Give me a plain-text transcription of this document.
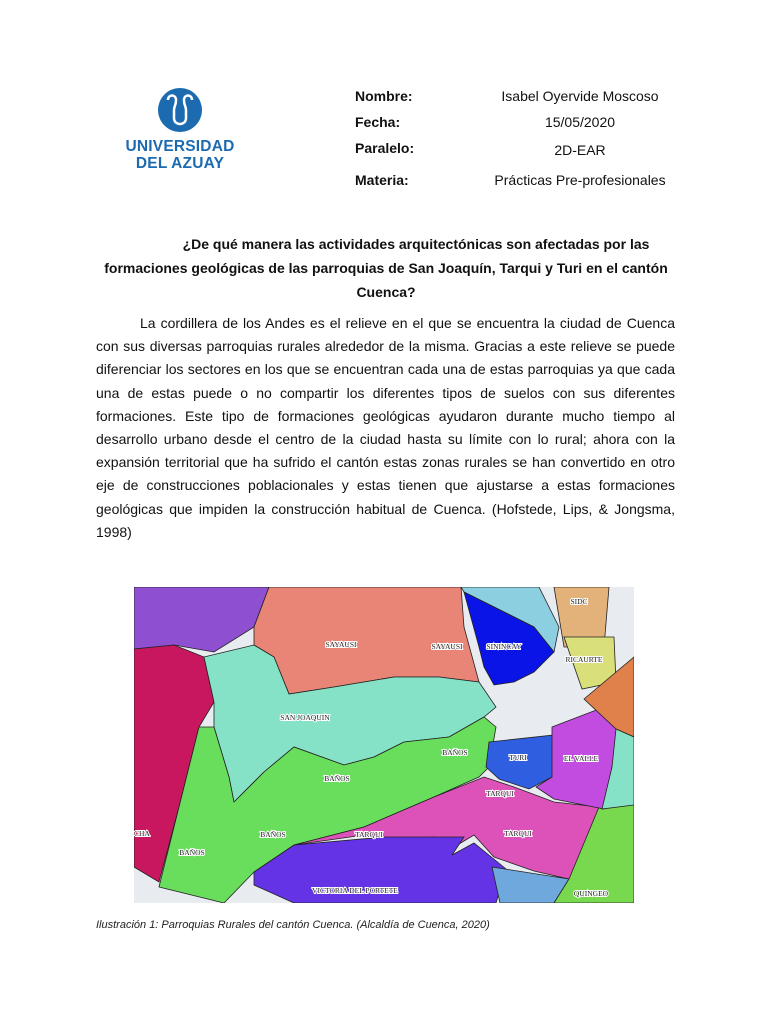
UNIVERSIDAD
DEL AZUAY
Nombre:	Isabel Oyervide Moscoso
Fecha:	15/05/2020
Paralelo:	2D-EAR
Materia:	Prácticas Pre-profesionales
¿De qué manera las actividades arquitectónicas son afectadas por las
formaciones geológicas de las parroquias de San Joaquín, Tarqui y Turi en el cantón
Cuenca?
La cordillera de los Andes es el relieve en el que se encuentra la ciudad de Cuenca con sus diversas parroquias rurales alrededor de la misma. Gracias a este relieve se puede diferenciar los sectores en los que se encuentran cada una de estas parroquias ya que cada una de estas puede o no compartir los diferentes tipos de suelos con sus diferentes formaciones. Este tipo de formaciones geológicas ayudaron durante mucho tiempo al desarrollo urbano desde el centro de la ciudad hasta su límite con lo rural; ahora con la expansión territorial que ha sufrido el cantón estas zonas rurales se han convertido en otro eje de construcciones poblacionales y estas tienen que ajustarse a estas formaciones geológicas que impiden la construcción habitual de Cuenca. (Hofstede, Lips, & Jongsma, 1998)
SAYAUSI	SAYAUSI	SININCAY
SIDC
RICAURTE
SAN JOAQUIN
BAÑOS
BAÑOS
BAÑOS
BAÑOS
TURI	EL VALLE
TARQUI
TARQUI	TARQUI
CHA
VICTORIA DEL PORTETE	QUINGEO
Ilustración 1: Parroquias Rurales del cantón Cuenca. (Alcaldía de Cuenca, 2020)
